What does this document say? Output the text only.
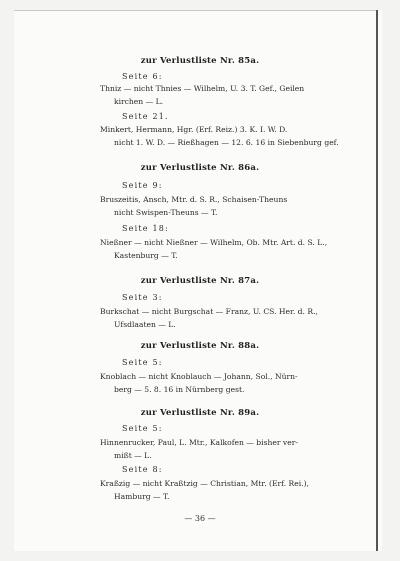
zur Verlustliste Nr. 85a.
Seite 6:
Thniz — nicht Thnies — Wilhelm, U. 3. T. Gef., Geilen
kirchen — L.
Seite 21.
Minkert, Hermann, Hgr. (Erf. Reiz.) 3. K. I. W. D.
nicht 1. W. D. — Rießhagen — 12. 6. 16 in Siebenburg gef.
zur Verlustliste Nr. 86a.
Seite 9:
Bruszeitis, Ansch, Mtr. d. S. R., Schaisen-Theuns
nicht Swispen-Theuns — T.
Seite 18:
Nießner — nicht Nießner — Wilhelm, Ob. Mtr. Art. d. S. L.,
Kastenburg — T.
zur Verlustliste Nr. 87a.
Seite 3:
Burkschat — nicht Burgschat — Franz, U. CS. Her. d. R.,
Ufsdlaaten — L.
zur Verlustliste Nr. 88a.
Seite 5:
Knoblach — nicht Knoblauch — Johann, Sol., Nürn-
berg — 5. 8. 16 in Nürnberg gest.
zur Verlustliste Nr. 89a.
Seite 5:
Hinnenrucker, Paul, L. Mtr., Kalkofen — bisher ver-
mißt — L.
Seite 8:
Kraßzig — nicht Kraßtzig — Christian, Mtr. (Erf. Rei.),
Hamburg — T.
— 36 —
